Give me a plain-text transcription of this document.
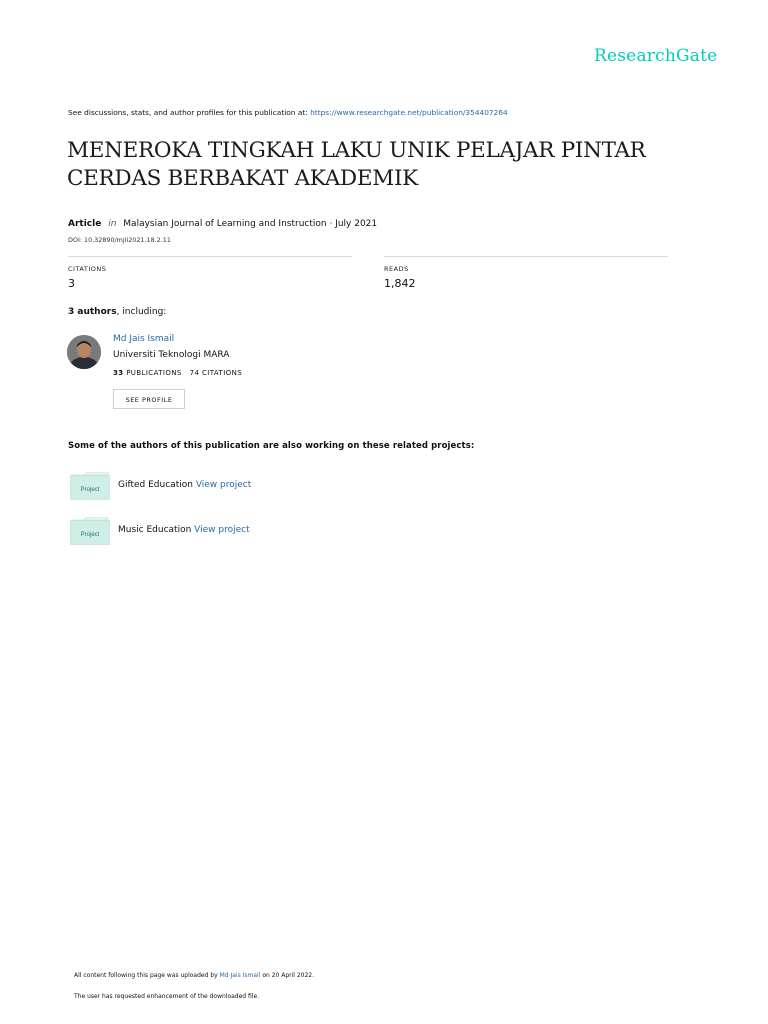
ResearchGate
See discussions, stats, and author profiles for this publication at: https://www.researchgate.net/publication/354407264
MENEROKA TINGKAH LAKU UNIK PELAJAR PINTAR CERDAS BERBAKAT AKADEMIK
Article in Malaysian Journal of Learning and Instruction · July 2021
DOI: 10.32890/mjli2021.18.2.11
CITATIONS
3
READS
1,842
3 authors, including:
Md Jais Ismail
Universiti Teknologi MARA
33 PUBLICATIONS 74 CITATIONS
SEE PROFILE
Some of the authors of this publication are also working on these related projects:
Project Gifted Education View project
Project Music Education View project
All content following this page was uploaded by Md Jais Ismail on 20 April 2022.
The user has requested enhancement of the downloaded file.
